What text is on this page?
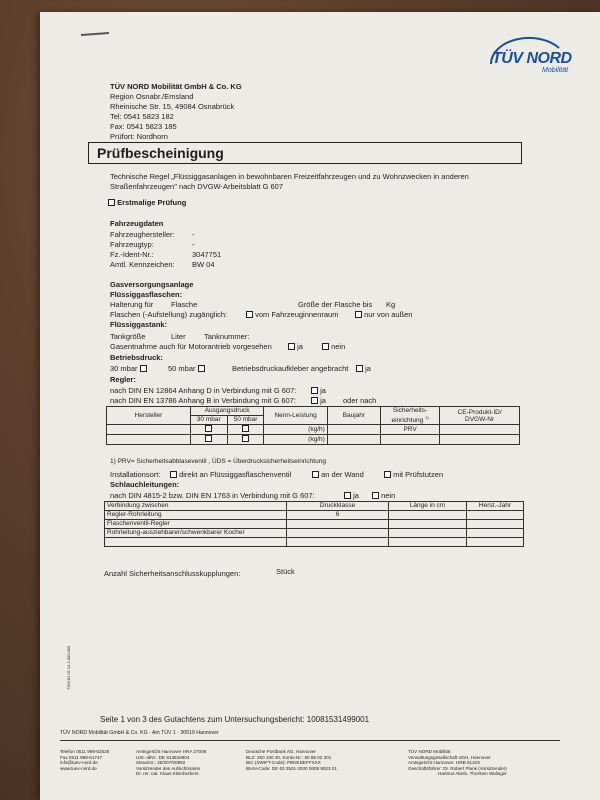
TÜV NORD Mobilität GmbH & Co. KG
Region Osnabr./Emsland
Rheinische Str. 15, 49084 Osnabrück
Tel: 0541 5823 182
Fax: 0541 5823 185
Prüfort: Nordhorn
TÜV NORD
Mobilität
Prüfbescheinigung
Technische Regel „Flüssiggasanlagen in bewohnbaren Freizeitfahrzeugen und zu Wohnzwecken in anderen
Straßenfahrzeugen" nach DVGW-Arbeitsblatt G 607
Erstmalige Prüfung
Fahrzeugdaten
Fahrzeughersteller: -
Fahrzeugtyp:	-
Fz.-Ident-Nr.:	3047751
Amtl. Kennzeichen: BW 04
Gasversorgungsanlage
Flüssiggasflaschen:
Halterung für Flasche	Größe der Flasche bis Kg
Flaschen (-Aufstellung) zugänglich:	vom Fahrzeuginnenraum	nur von außen
Flüssiggastank:
Tankgröße	Liter Tanknummer:
Gasentnahme auch für Motorantrieb vorgesehen	ja	nein
Betriebsdruck:
30 mbar	50 mbar	Betriebsdruckaufkleber angebracht	ja
Regler:
nach DIN EN 12864 Anhang D in Verbindung mit G 607:	ja
nach DIN EN 13786 Anhang B in Verbindung mit G 607:	ja oder nach
Hersteller	Ausgangsdruck		Nenn-Leistung	Baujahr	Sicherheits-
einrichtung $^{1)}$	CE-Produkt-ID/
DVGW-Nr
	30 mbar	50 mbar				
			(kg/h)		PRV	
			(kg/h)			
1) PRV= Sicherheitsabblaseventil , ÜDS = Überdrucksicherheitseinrichtung
Installationsort:	direkt an Flüssiggasflaschenventil	an der Wand	mit Prüfstutzen
Schlauchleitungen:
nach DIN 4815-2 bzw. DIN EN 1763 in Verbindung mit G 607:	ja	nein
Verbindung zwischen	Druckklasse	Länge in cm	Herst.-Jahr
Regler-Rohrleitung	6		
Flaschenventil-Regler			
Rohrleitung-ausziehbarer/schwenkbarer Kocher			

Anzahl Sicherheitsanschlusskupplungen:	Stück
TNM 81 07.14 2.000.000
Seite 1 von 3 des Gutachtens zum Untersuchungsbericht: 10081531499001
TÜV NORD Mobilität GmbH & Co. KG · Am TÜV 1 · 30519 Hannover
Telefon 0511 998-62526
Fax 0511 998-61747
info@tuev-nord.de
www.tuev-nord.de
Amtsgericht Hannover HRA 27006
USt.-IdNr.: DE 813818604
Steuernr.: 25/207/00992
Vorsitzender des Aufsichtsrates
Dr. rer. nat. Klaus Kleinherbers
Deutsche Postbank AG, Hannover
BLZ: 250 100 30, Konto-Nr.: 60 89 02 301
BIC (SWIFT-Code): PBNKDEFFXXX
IBAN-Code: DE 63 2501 0030 0608 9023 01
TÜV NORD Mobilität
Verwaltungsgesellschaft mbH, Hannover
Amtsgericht Hannover: HRB 61319
Geschäftsführer: Dr. Robert Plank (Vorsitzender)
Hartmut Abeln, Thorsten Walinger
